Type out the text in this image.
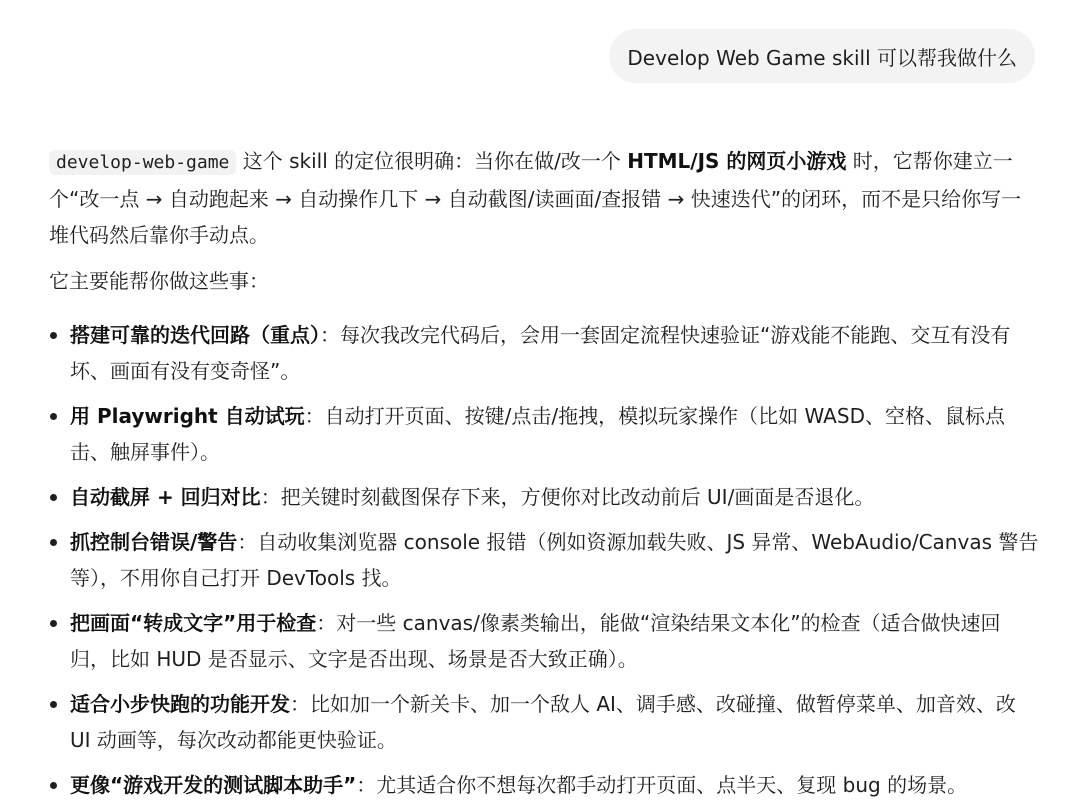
Develop Web Game skill 可以帮我做什么

develop-web-game 这个 skill 的定位很明确：当你在做/改一个 HTML/JS 的网页小游戏 时，它帮你建立一个“改一点 → 自动跑起来 → 自动操作几下 → 自动截图/读画面/查报错 → 快速迭代”的闭环，而不是只给你写一堆代码然后靠你手动点。

它主要能帮你做这些事：

搭建可靠的迭代回路（重点）：每次我改完代码后，会用一套固定流程快速验证“游戏能不能跑、交互有没有坏、画面有没有变奇怪”。
用 Playwright 自动试玩：自动打开页面、按键/点击/拖拽，模拟玩家操作（比如 WASD、空格、鼠标点击、触屏事件）。
自动截屏 + 回归对比：把关键时刻截图保存下来，方便你对比改动前后 UI/画面是否退化。
抓控制台错误/警告：自动收集浏览器 console 报错（例如资源加载失败、JS 异常、WebAudio/Canvas 警告等），不用你自己打开 DevTools 找。
把画面“转成文字”用于检查：对一些 canvas/像素类输出，能做“渲染结果文本化”的检查（适合做快速回归，比如 HUD 是否显示、文字是否出现、场景是否大致正确）。
适合小步快跑的功能开发：比如加一个新关卡、加一个敌人 AI、调手感、改碰撞、做暂停菜单、加音效、改 UI 动画等，每次改动都能更快验证。
更像“游戏开发的测试脚本助手”：尤其适合你不想每次都手动打开页面、点半天、复现 bug 的场景。
